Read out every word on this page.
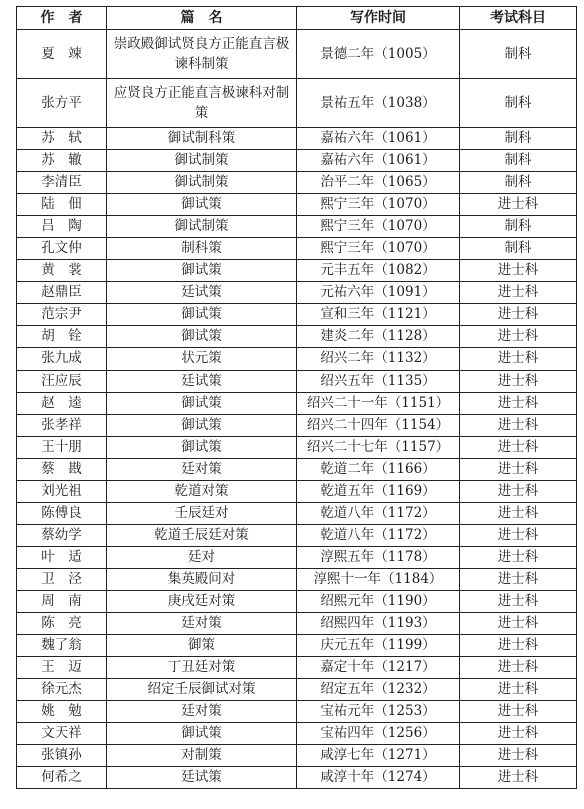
作　者	篇　名	写作时间	考试科目
夏　竦	崇政殿御试贤良方正能直言极谏科制策	景德二年（1005）	制科
张方平	应贤良方正能直言极谏科对制策	景祐五年（1038）	制科
苏　轼	御试制科策	嘉祐六年（1061）	制科
苏　辙	御试制策	嘉祐六年（1061）	制科
李清臣	御试制策	治平二年（1065）	制科
陆　佃	御试策	熙宁三年（1070）	进士科
吕　陶	御试制策	熙宁三年（1070）	制科
孔文仲	制科策	熙宁三年（1070）	制科
黄　裳	御试策	元丰五年（1082）	进士科
赵鼎臣	廷试策	元祐六年（1091）	进士科
范宗尹	御试策	宣和三年（1121）	进士科
胡　铨	御试策	建炎二年（1128）	进士科
张九成	状元策	绍兴二年（1132）	进士科
汪应辰	廷试策	绍兴五年（1135）	进士科
赵　逵	御试策	绍兴二十一年（1151）	进士科
张孝祥	御试策	绍兴二十四年（1154）	进士科
王十朋	御试策	绍兴二十七年（1157）	进士科
蔡　戡	廷对策	乾道二年（1166）	进士科
刘光祖	乾道对策	乾道五年（1169）	进士科
陈傅良	壬辰廷对	乾道八年（1172）	进士科
蔡幼学	乾道壬辰廷对策	乾道八年（1172）	进士科
叶　适	廷对	淳熙五年（1178）	进士科
卫　泾	集英殿问对	淳熙十一年（1184）	进士科
周　南	庚戌廷对策	绍熙元年（1190）	进士科
陈　亮	廷对策	绍熙四年（1193）	进士科
魏了翁	御策	庆元五年（1199）	进士科
王　迈	丁丑廷对策	嘉定十年（1217）	进士科
徐元杰	绍定壬辰御试对策	绍定五年（1232）	进士科
姚　勉	廷对策	宝祐元年（1253）	进士科
文天祥	御试策	宝祐四年（1256）	进士科
张镇孙	对制策	咸淳七年（1271）	进士科
何希之	廷试策	咸淳十年（1274）	进士科
